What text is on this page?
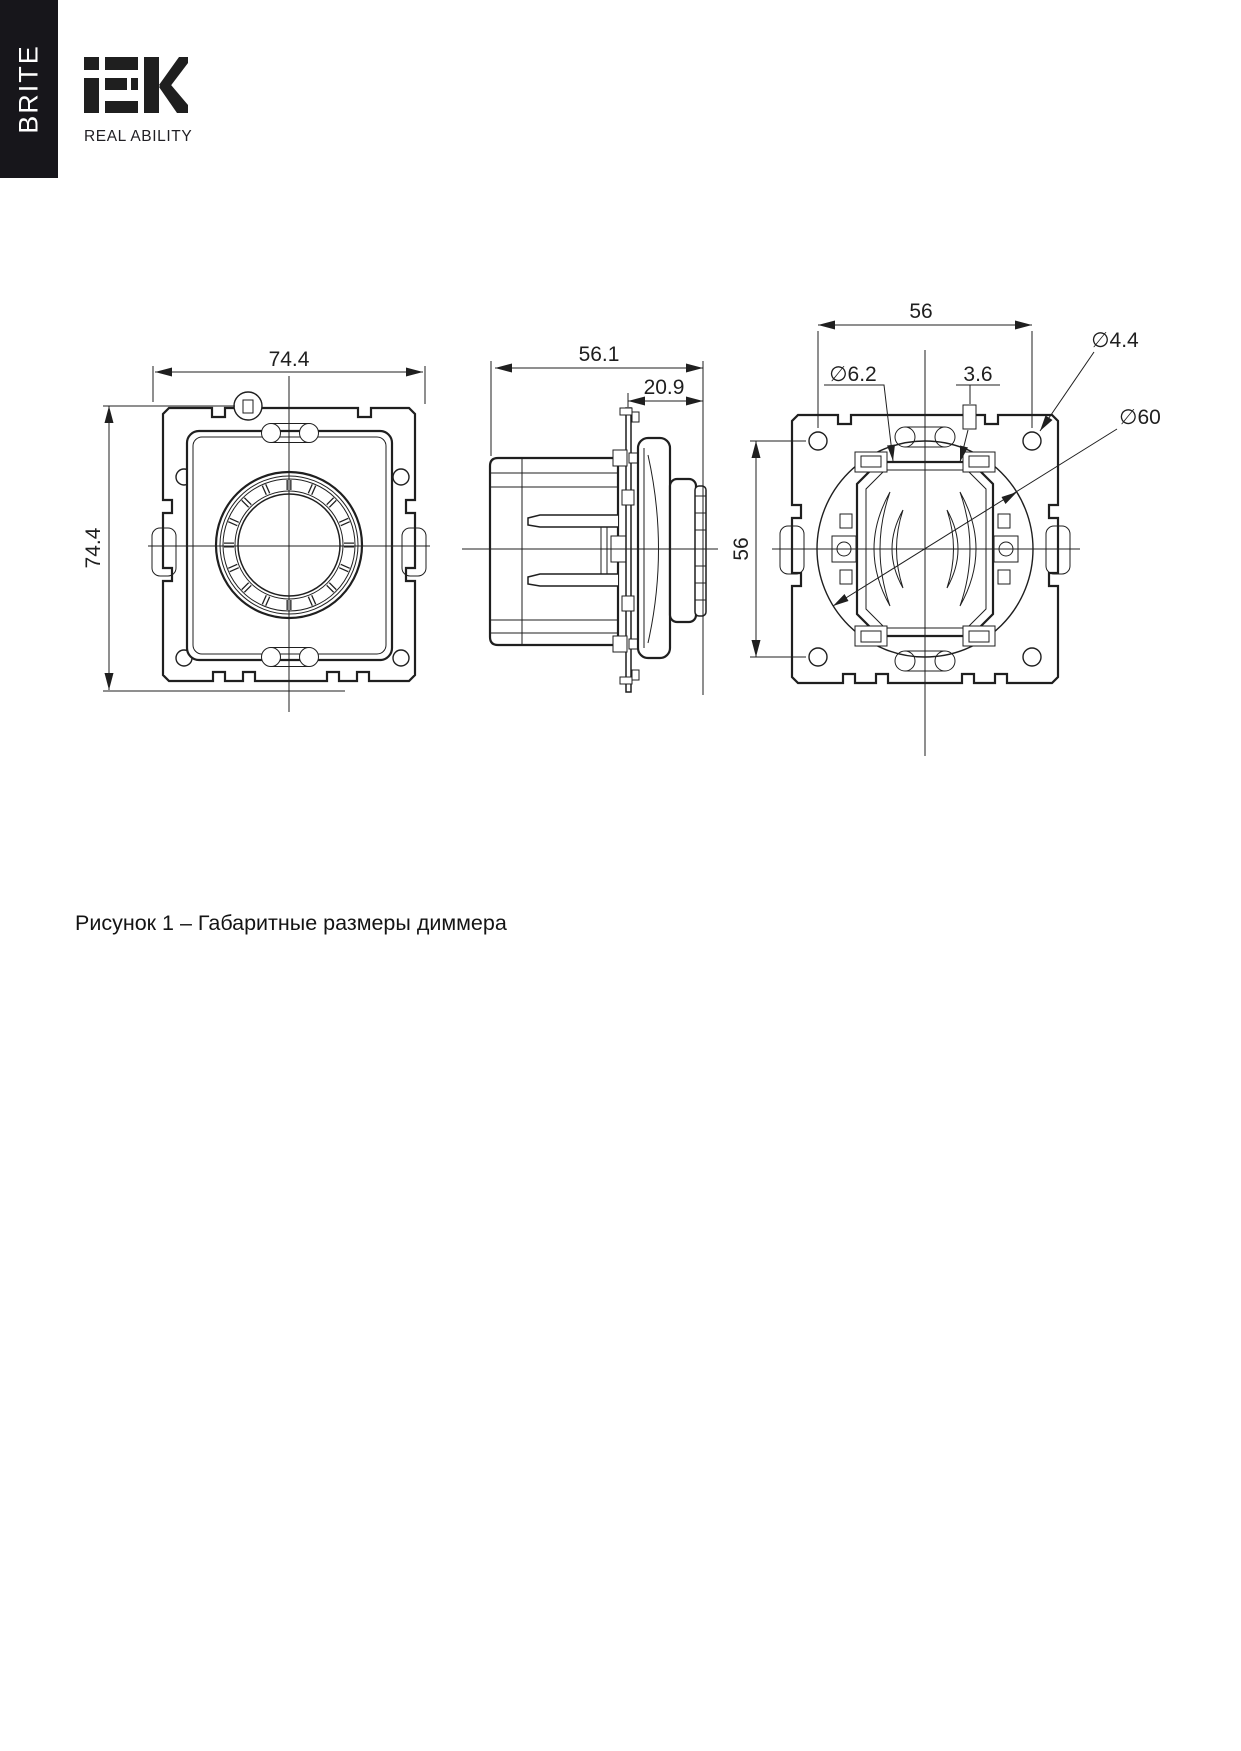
BRITE
REAL ABILITY
74.4
74.4
56.1
20.9
56
56
∅6.2	3.6
∅4.4
∅60
Рисунок 1 – Габаритные размеры диммера
